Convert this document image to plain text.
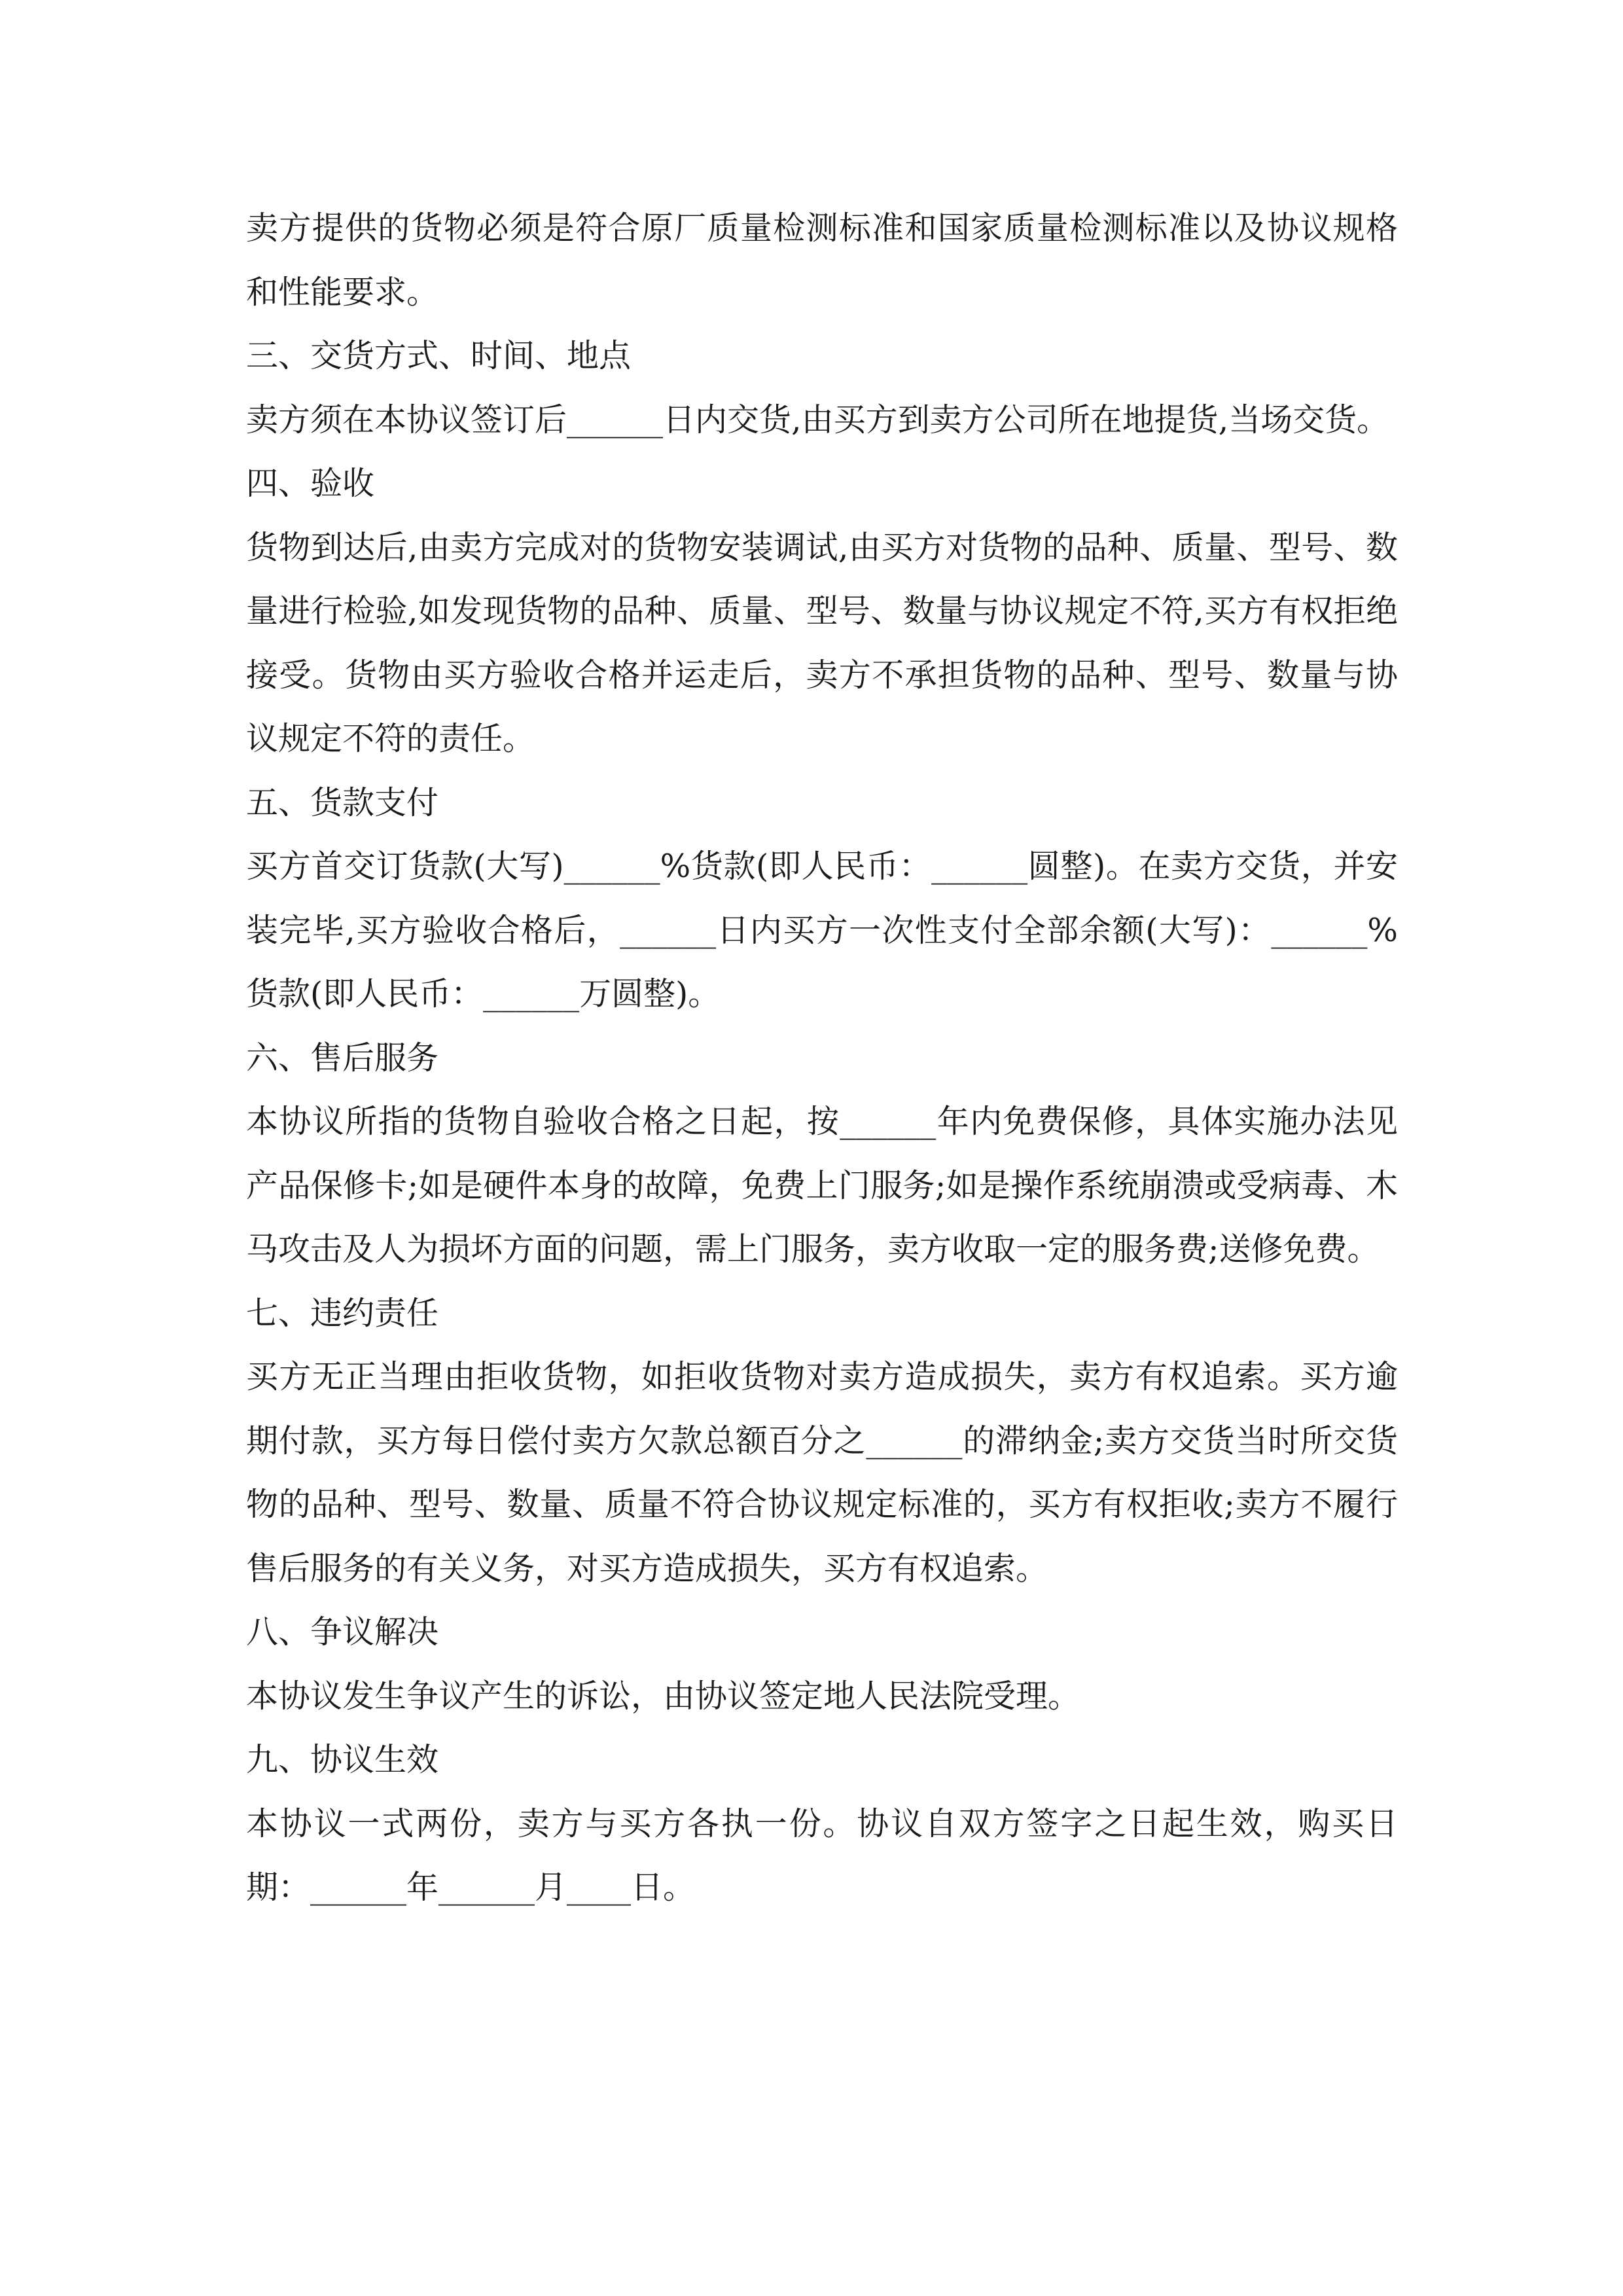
卖方提供的货物必须是符合原厂质量检测标准和国家质量检测标准以及协议规格和性能要求。

三、交货方式、时间、地点

卖方须在本协议签订后______日内交货,由买方到卖方公司所在地提货,当场交货。

四、验收

货物到达后,由卖方完成对的货物安装调试,由买方对货物的品种、质量、型号、数量进行检验,如发现货物的品种、质量、型号、数量与协议规定不符,买方有权拒绝接受。货物由买方验收合格并运走后，卖方不承担货物的品种、型号、数量与协议规定不符的责任。

五、货款支付

买方首交订货款(大写)______%货款(即人民币：______圆整)。在卖方交货，并安装完毕,买方验收合格后，______日内买方一次性支付全部余额(大写)：______%货款(即人民币：______万圆整)。

六、售后服务

本协议所指的货物自验收合格之日起，按______年内免费保修，具体实施办法见产品保修卡;如是硬件本身的故障，免费上门服务;如是操作系统崩溃或受病毒、木马攻击及人为损坏方面的问题，需上门服务，卖方收取一定的服务费;送修免费。

七、违约责任

买方无正当理由拒收货物，如拒收货物对卖方造成损失，卖方有权追索。买方逾期付款，买方每日偿付卖方欠款总额百分之______的滞纳金;卖方交货当时所交货物的品种、型号、数量、质量不符合协议规定标准的，买方有权拒收;卖方不履行售后服务的有关义务，对买方造成损失，买方有权追索。

八、争议解决

本协议发生争议产生的诉讼，由协议签定地人民法院受理。

九、协议生效

本协议一式两份，卖方与买方各执一份。协议自双方签字之日起生效，购买日期：______年______月____日。
